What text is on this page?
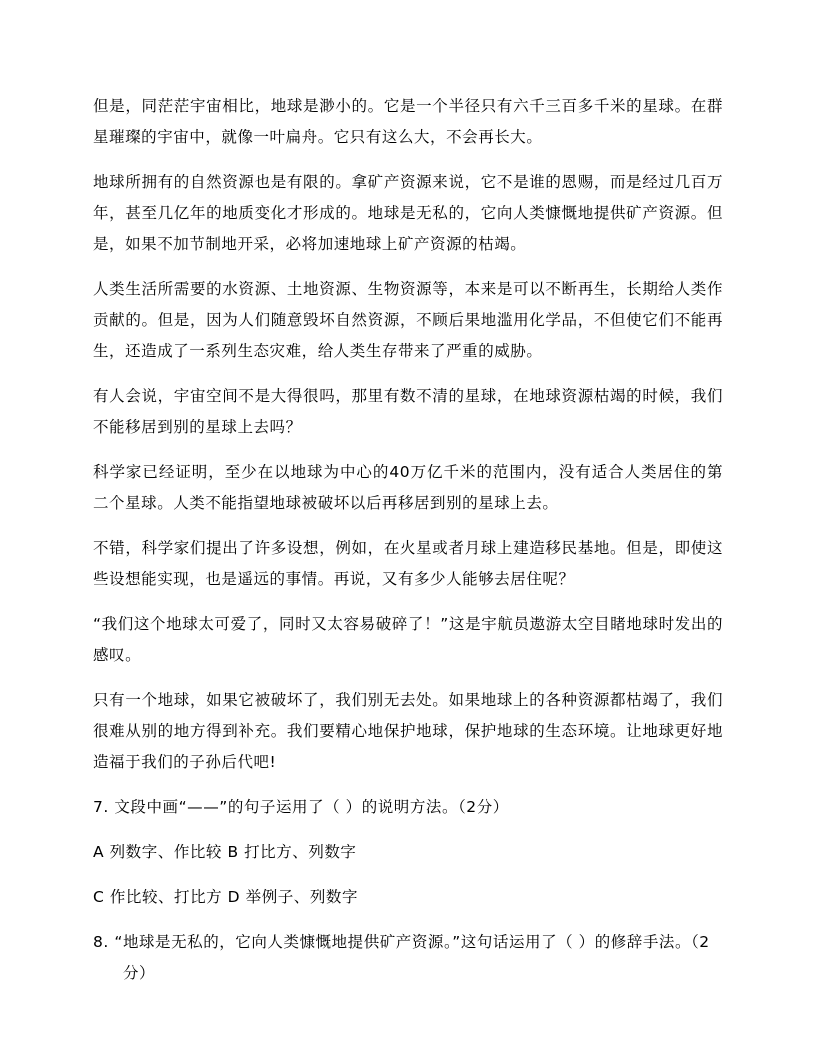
但是，同茫茫宇宙相比，地球是渺小的。它是一个半径只有六千三百多千米的星球。在群星璀璨的宇宙中，就像一叶扁舟。它只有这么大，不会再长大。

地球所拥有的自然资源也是有限的。拿矿产资源来说，它不是谁的恩赐，而是经过几百万年，甚至几亿年的地质变化才形成的。地球是无私的，它向人类慷慨地提供矿产资源。但是，如果不加节制地开采，必将加速地球上矿产资源的枯竭。

人类生活所需要的水资源、土地资源、生物资源等，本来是可以不断再生，长期给人类作贡献的。但是，因为人们随意毁坏自然资源，不顾后果地滥用化学品，不但使它们不能再生，还造成了一系列生态灾难，给人类生存带来了严重的威胁。

有人会说，宇宙空间不是大得很吗，那里有数不清的星球，在地球资源枯竭的时候，我们不能移居到别的星球上去吗？

科学家已经证明，至少在以地球为中心的40万亿千米的范围内，没有适合人类居住的第二个星球。人类不能指望地球被破坏以后再移居到别的星球上去。

不错，科学家们提出了许多设想，例如，在火星或者月球上建造移民基地。但是，即使这些设想能实现，也是遥远的事情。再说，又有多少人能够去居住呢？

“我们这个地球太可爱了，同时又太容易破碎了！”这是宇航员遨游太空目睹地球时发出的感叹。

只有一个地球，如果它被破坏了，我们别无去处。如果地球上的各种资源都枯竭了，我们很难从别的地方得到补充。我们要精心地保护地球，保护地球的生态环境。让地球更好地造福于我们的子孙后代吧!

7. 文段中画“——”的句子运用了（ ）的说明方法。（2分）

A 列数字、作比较 B 打比方、列数字

C 作比较、打比方 D 举例子、列数字

8. “地球是无私的，它向人类慷慨地提供矿产资源。”这句话运用了（ ）的修辞手法。（2分）
